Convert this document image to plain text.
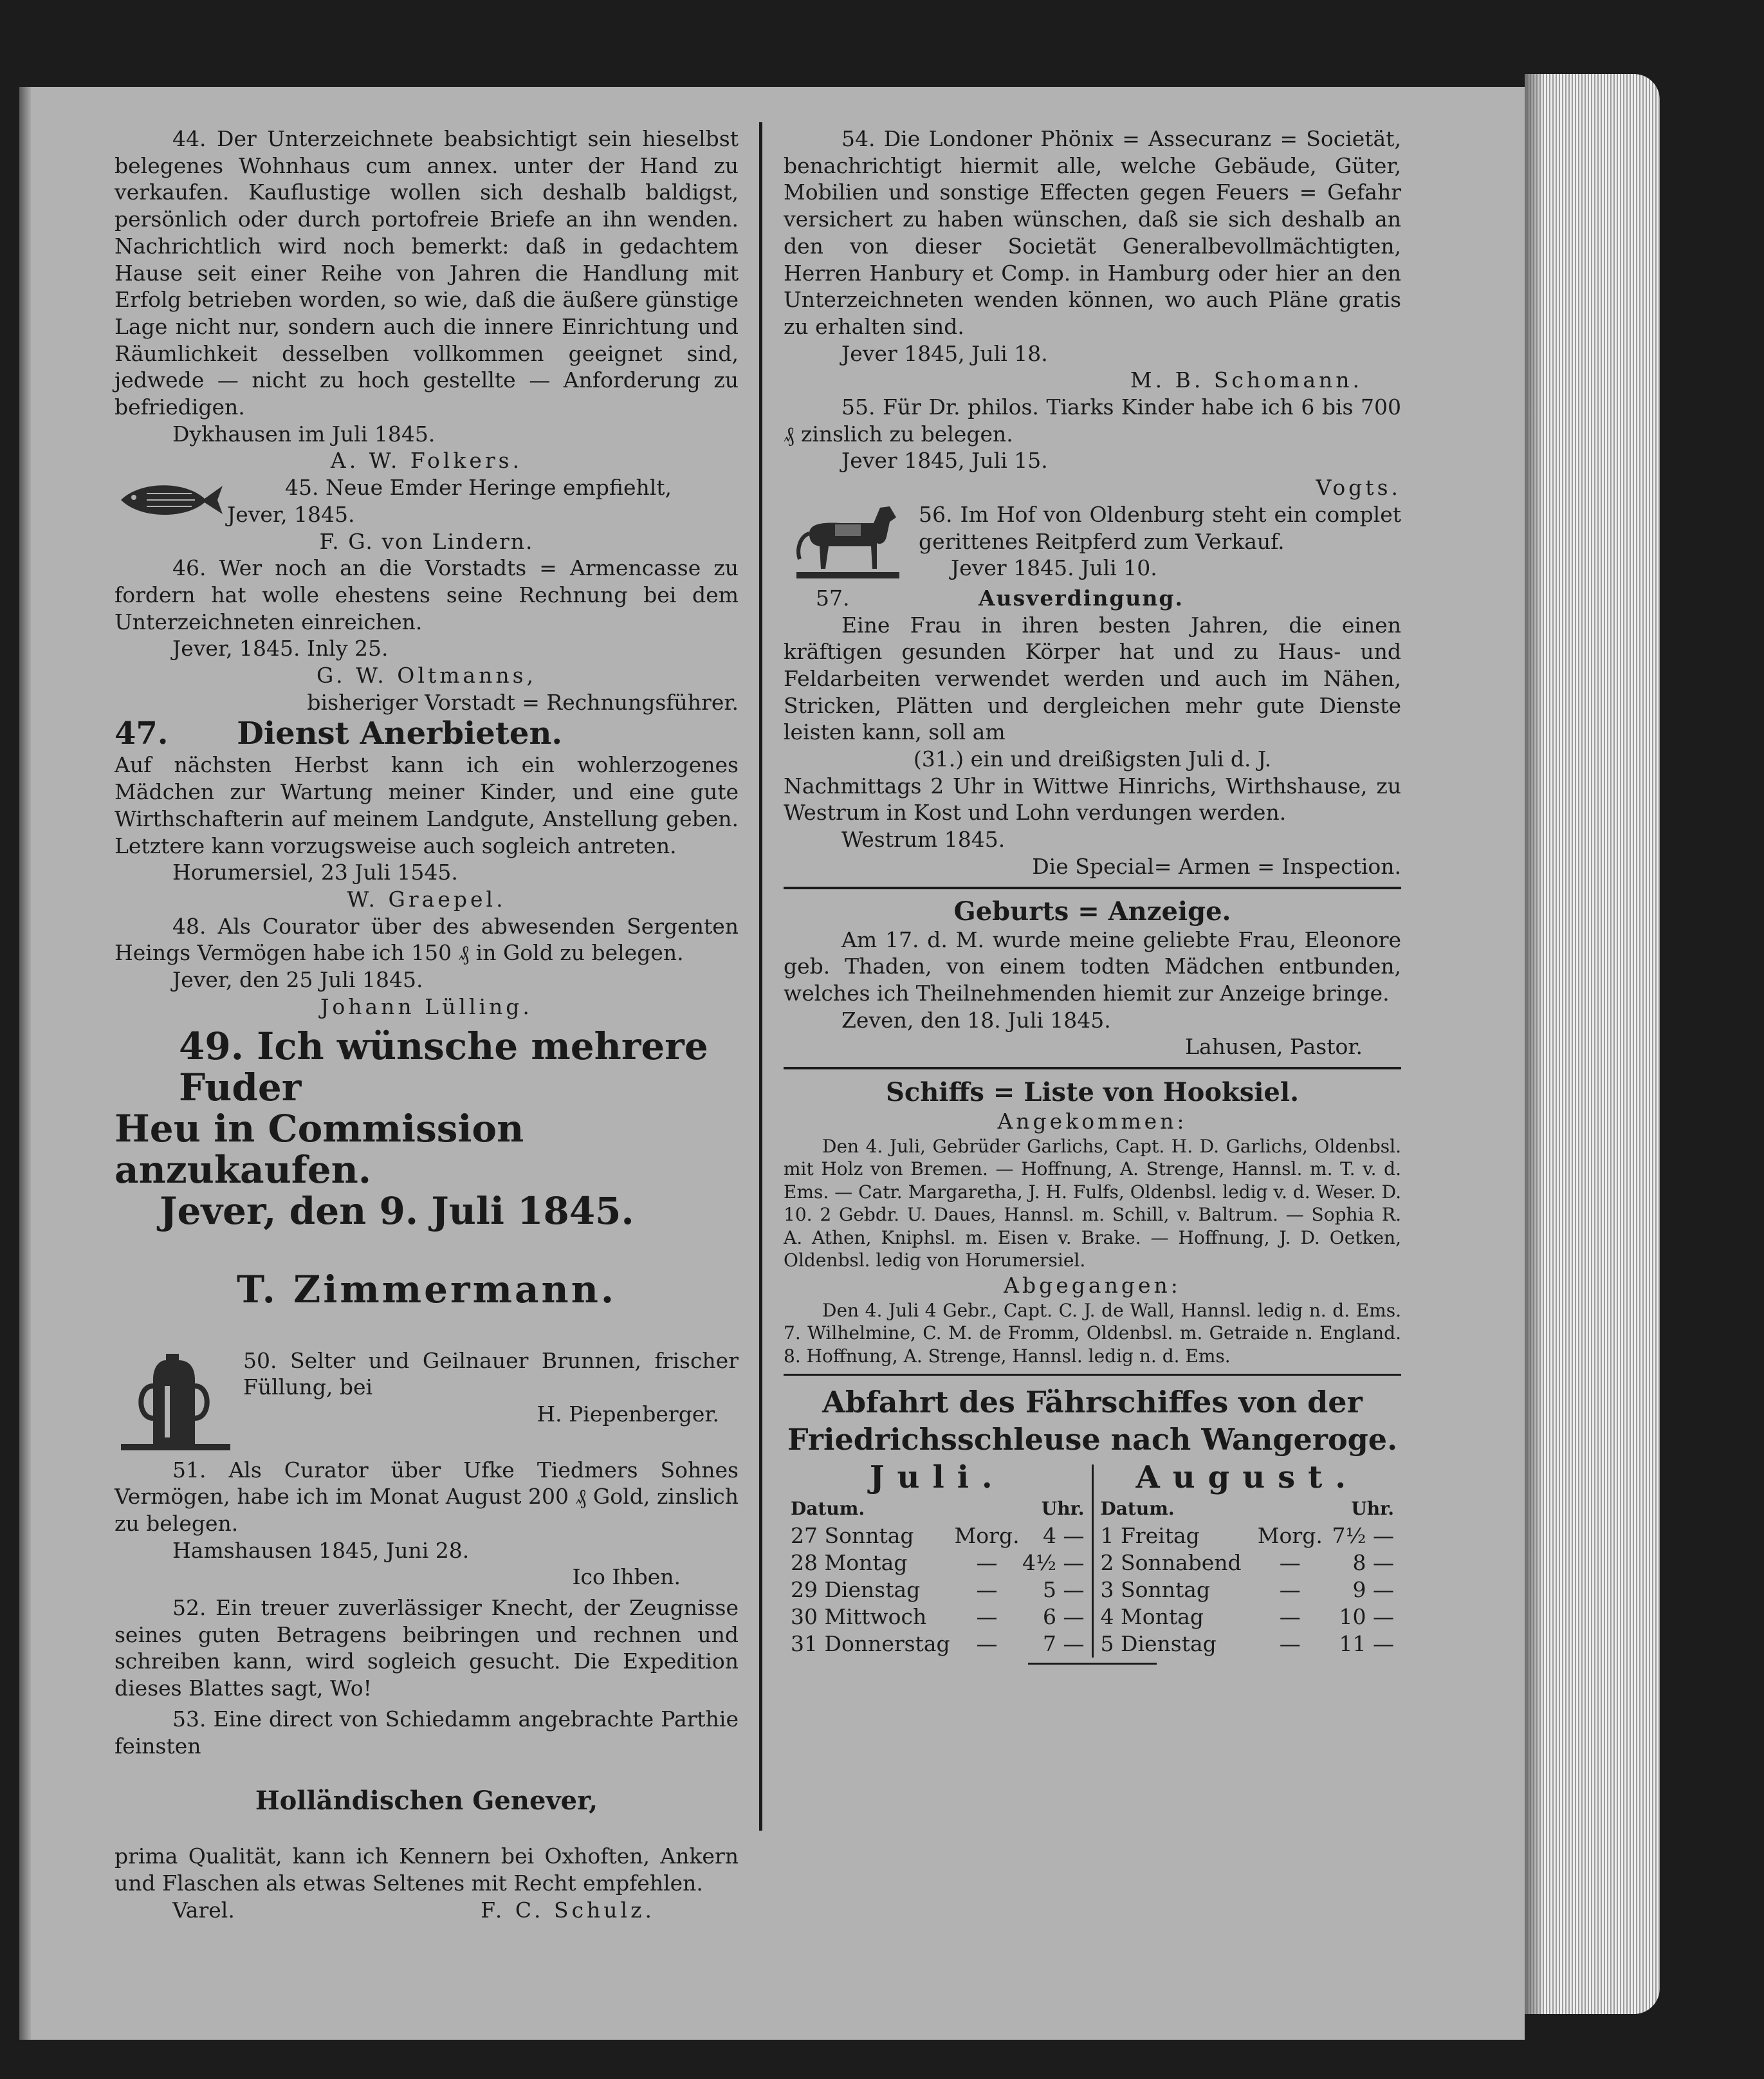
44. Der Unterzeichnete beabsichtigt sein hieselbst belegenes Wohnhaus cum annex. unter der Hand zu verkaufen. Kauflustige wollen sich deshalb baldigst, persönlich oder durch portofreie Briefe an ihn wenden. Nachrichtlich wird noch bemerkt: daß in gedachtem Hause seit einer Reihe von Jahren die Handlung mit Erfolg betrieben worden, so wie, daß die äußere günstige Lage nicht nur, sondern auch die innere Einrichtung und Räumlichkeit desselben vollkommen geeignet sind, jedwede — nicht zu hoch gestellte — Anforderung zu befriedigen.

Dykhausen im Juli 1845.

A. W. Folkers.

45. Neue Emder Heringe empfiehlt,

Jever, 1845.

F. G. von Lindern.

46. Wer noch an die Vorstadts = Armencasse zu fordern hat wolle ehestens seine Rechnung bei dem Unterzeichneten einreichen.

Jever, 1845. Inly 25.

G. W. Oltmanns,

bisheriger Vorstadt = Rechnungsführer.

47. Dienst Anerbieten.

Auf nächsten Herbst kann ich ein wohlerzogenes Mädchen zur Wartung meiner Kinder, und eine gute Wirthschafterin auf meinem Landgute, Anstellung geben. Letztere kann vorzugsweise auch sogleich antreten.

Horumersiel, 23 Juli 1545.

W. Graepel.

48. Als Courator über des abwesenden Sergenten Heings Vermögen habe ich 150 ₰ in Gold zu belegen.

Jever, den 25 Juli 1845.

Johann Lülling.

49. Ich wünsche mehrere Fuder

Heu in Commission anzukaufen.

Jever, den 9. Juli 1845.

T. Zimmermann.

50. Selter und Geilnauer Brunnen, frischer Füllung, bei

H. Piepenberger.

51. Als Curator über Ufke Tiedmers Sohnes Vermögen, habe ich im Monat August 200 ₰ Gold, zinslich zu belegen.

Hamshausen 1845, Juni 28.

Ico Ihben.

52. Ein treuer zuverlässiger Knecht, der Zeugnisse seines guten Betragens beibringen und rechnen und schreiben kann, wird sogleich gesucht. Die Expedition dieses Blattes sagt, Wo!

53. Eine direct von Schiedamm angebrachte Parthie feinsten

Holländischen Genever,

prima Qualität, kann ich Kennern bei Oxhoften, Ankern und Flaschen als etwas Seltenes mit Recht empfehlen.

Varel.	F. C. Schulz.

54. Die Londoner Phönix = Assecuranz = Societät, benachrichtigt hiermit alle, welche Gebäude, Güter, Mobilien und sonstige Effecten gegen Feuers = Gefahr versichert zu haben wünschen, daß sie sich deshalb an den von dieser Societät Generalbevollmächtigten, Herren Hanbury et Comp. in Hamburg oder hier an den Unterzeichneten wenden können, wo auch Pläne gratis zu erhalten sind.

Jever 1845, Juli 18.

M. B. Schomann.

55. Für Dr. philos. Tiarks Kinder habe ich 6 bis 700 ₰ zinslich zu belegen.

Jever 1845, Juli 15.

Vogts.

56. Im Hof von Oldenburg steht ein complet gerittenes Reitpferd zum Verkauf.

Jever 1845. Juli 10.

57.	Ausverdingung.

Eine Frau in ihren besten Jahren, die einen kräftigen gesunden Körper hat und zu Haus- und Feldarbeiten verwendet werden und auch im Nähen, Stricken, Plätten und dergleichen mehr gute Dienste leisten kann, soll am

(31.) ein und dreißigsten Juli d. J.

Nachmittags 2 Uhr in Wittwe Hinrichs, Wirthshause, zu Westrum in Kost und Lohn verdungen werden.

Westrum 1845.

Die Special= Armen = Inspection.

Geburts = Anzeige.

Am 17. d. M. wurde meine geliebte Frau, Eleonore geb. Thaden, von einem todten Mädchen entbunden, welches ich Theilnehmenden hiemit zur Anzeige bringe.

Zeven, den 18. Juli 1845.

Lahusen, Pastor.

Schiffs = Liste von Hooksiel.

Angekommen:

Den 4. Juli, Gebrüder Garlichs, Capt. H. D. Garlichs, Oldenbsl. mit Holz von Bremen. — Hoffnung, A. Strenge, Hannsl. m. T. v. d. Ems. — Catr. Margaretha, J. H. Fulfs, Oldenbsl. ledig v. d. Weser. D. 10. 2 Gebdr. U. Daues, Hannsl. m. Schill, v. Baltrum. — Sophia R. A. Athen, Kniphsl. m. Eisen v. Brake. — Hoffnung, J. D. Oetken, Oldenbsl. ledig von Horumersiel.

Abgegangen:

Den 4. Juli 4 Gebr., Capt. C. J. de Wall, Hannsl. ledig n. d. Ems. 7. Wilhelmine, C. M. de Fromm, Oldenbsl. m. Getraide n. England. 8. Hoffnung, A. Strenge, Hannsl. ledig n. d. Ems.

Abfahrt des Fährschiffes von der Friedrichsschleuse nach Wangeroge.

Juli.
Datum.		Uhr.
27 Sonntag	Morg.	4 —
28 Montag	—	4½ —
29 Dienstag	—	5 —
30 Mittwoch	—	6 —
31 Donnerstag	—	7 —
August.
Datum.		Uhr.
1 Freitag	Morg.	7½ —
2 Sonnabend	—	8 —
3 Sonntag	—	9 —
4 Montag	—	10 —
5 Dienstag	—	11 —
